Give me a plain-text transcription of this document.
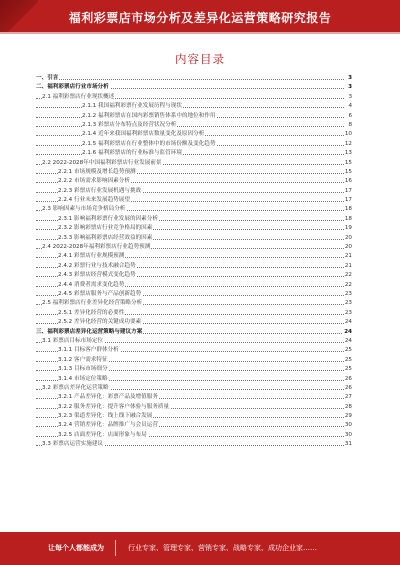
福利彩票店市场分析及差异化运营策略研究报告
内容目录
一、引言	3
二、福利彩票店行业市场分析	3
2.1 福利彩票店行业现状概述	3
2.1.1 我国福利彩票行业发展历程与现状	4
2.1.2 福利彩票店在国内彩票销售体系中的地位和作用	6
2.1.3 彩票店分布特点及经营状况分析	8
2.1.4 近年来我国福利彩票店数量变化及原因分析	10
2.1.5 福利彩票店在行业整体中的市场份额及变化趋势	12
2.1.6 福利彩票店的行业标准与监管环境	13
2.2 2022-2028年中国福利彩票店行业发展前景	15
2.2.1 市场规模及增长趋势预测	15
2.2.2 市场需求影响因素分析	16
2.2.3 彩票店行业发展机遇与挑战	17
2.2.4 行业未来发展趋势展望	17
2.3 影响因素与市场竞争格局分析	18
2.3.1 影响福利彩票行业发展的因素分析	18
2.3.2 影响彩票店行业竞争格局的因素	19
2.3.3 影响福利彩票店经营效益的因素	20
2.4 2022-2028年福利彩票店行业趋势预测	20
2.4.1 彩票店行业规模预测	21
2.4.2 彩票行业与技术融合趋势	21
2.4.3 彩票店经营模式变化趋势	22
2.4.4 消费者需求变化趋势	22
2.4.5 彩票店服务与产品创新趋势	23
2.5 福利彩票店行业差异化经营策略分析	23
2.5.1 差异化经营的必要性	23
2.5.2 差异化经营的关键成功要素	24
三、福利彩票店差异化运营策略与建议方案	24
3.1 彩票店目标市场定位	24
3.1.1 目标客户群体分析	25
3.1.2 客户需求特征	25
3.1.3 目标市场细分	25
3.1.4 市场定位策略	26
3.2 彩票店差异化运营策略	26
3.2.1 产品差异化：彩票产品及增值服务	27
3.2.2 服务差异化：提升客户体验与服务质量	28
3.2.3 渠道差异化：线上线下融合发展	29
3.2.4 营销差异化：品牌推广与会员运营	30
3.2.5 店面差异化：店面形象与布局	30
3.3 彩票店运营实施建议	31
让每个人都能成为	行业专家、管理专家、营销专家、战略专家、成功企业家……
